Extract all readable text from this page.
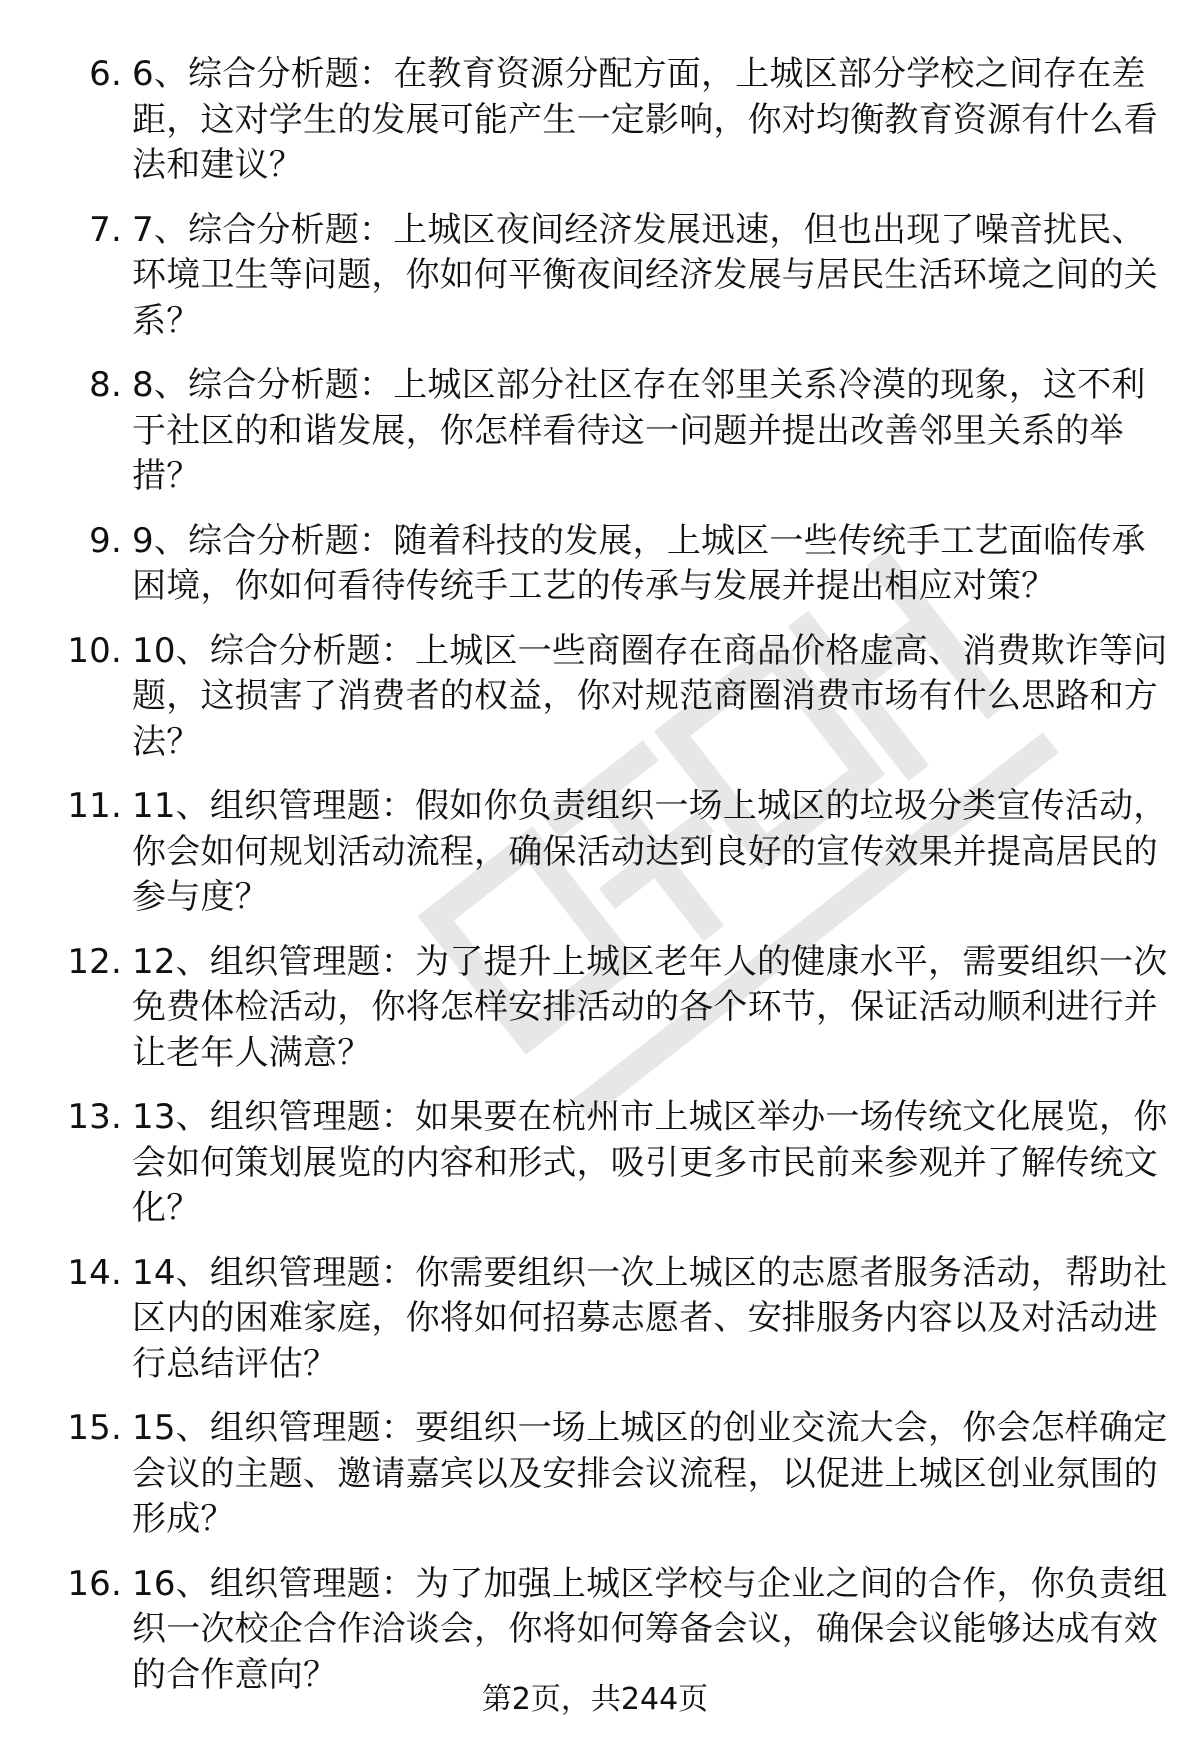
6. 6、综合分析题：在教育资源分配方面，上城区部分学校之间存在差距，这对学生的发展可能产生一定影响，你对均衡教育资源有什么看法和建议？
7. 7、综合分析题：上城区夜间经济发展迅速，但也出现了噪音扰民、环境卫生等问题，你如何平衡夜间经济发展与居民生活环境之间的关系？
8. 8、综合分析题：上城区部分社区存在邻里关系冷漠的现象，这不利于社区的和谐发展，你怎样看待这一问题并提出改善邻里关系的举措？
9. 9、综合分析题：随着科技的发展，上城区一些传统手工艺面临传承困境，你如何看待传统手工艺的传承与发展并提出相应对策？
10. 10、综合分析题：上城区一些商圈存在商品价格虚高、消费欺诈等问题，这损害了消费者的权益，你对规范商圈消费市场有什么思路和方法？
11. 11、组织管理题：假如你负责组织一场上城区的垃圾分类宣传活动，你会如何规划活动流程，确保活动达到良好的宣传效果并提高居民的参与度？
12. 12、组织管理题：为了提升上城区老年人的健康水平，需要组织一次免费体检活动，你将怎样安排活动的各个环节，保证活动顺利进行并让老年人满意？
13. 13、组织管理题：如果要在杭州市上城区举办一场传统文化展览，你会如何策划展览的内容和形式，吸引更多市民前来参观并了解传统文化？
14. 14、组织管理题：你需要组织一次上城区的志愿者服务活动，帮助社区内的困难家庭，你将如何招募志愿者、安排服务内容以及对活动进行总结评估？
15. 15、组织管理题：要组织一场上城区的创业交流大会，你会怎样确定会议的主题、邀请嘉宾以及安排会议流程，以促进上城区创业氛围的形成？
16. 16、组织管理题：为了加强上城区学校与企业之间的合作，你负责组织一次校企合作洽谈会，你将如何筹备会议，确保会议能够达成有效的合作意向？
第2页，共244页
